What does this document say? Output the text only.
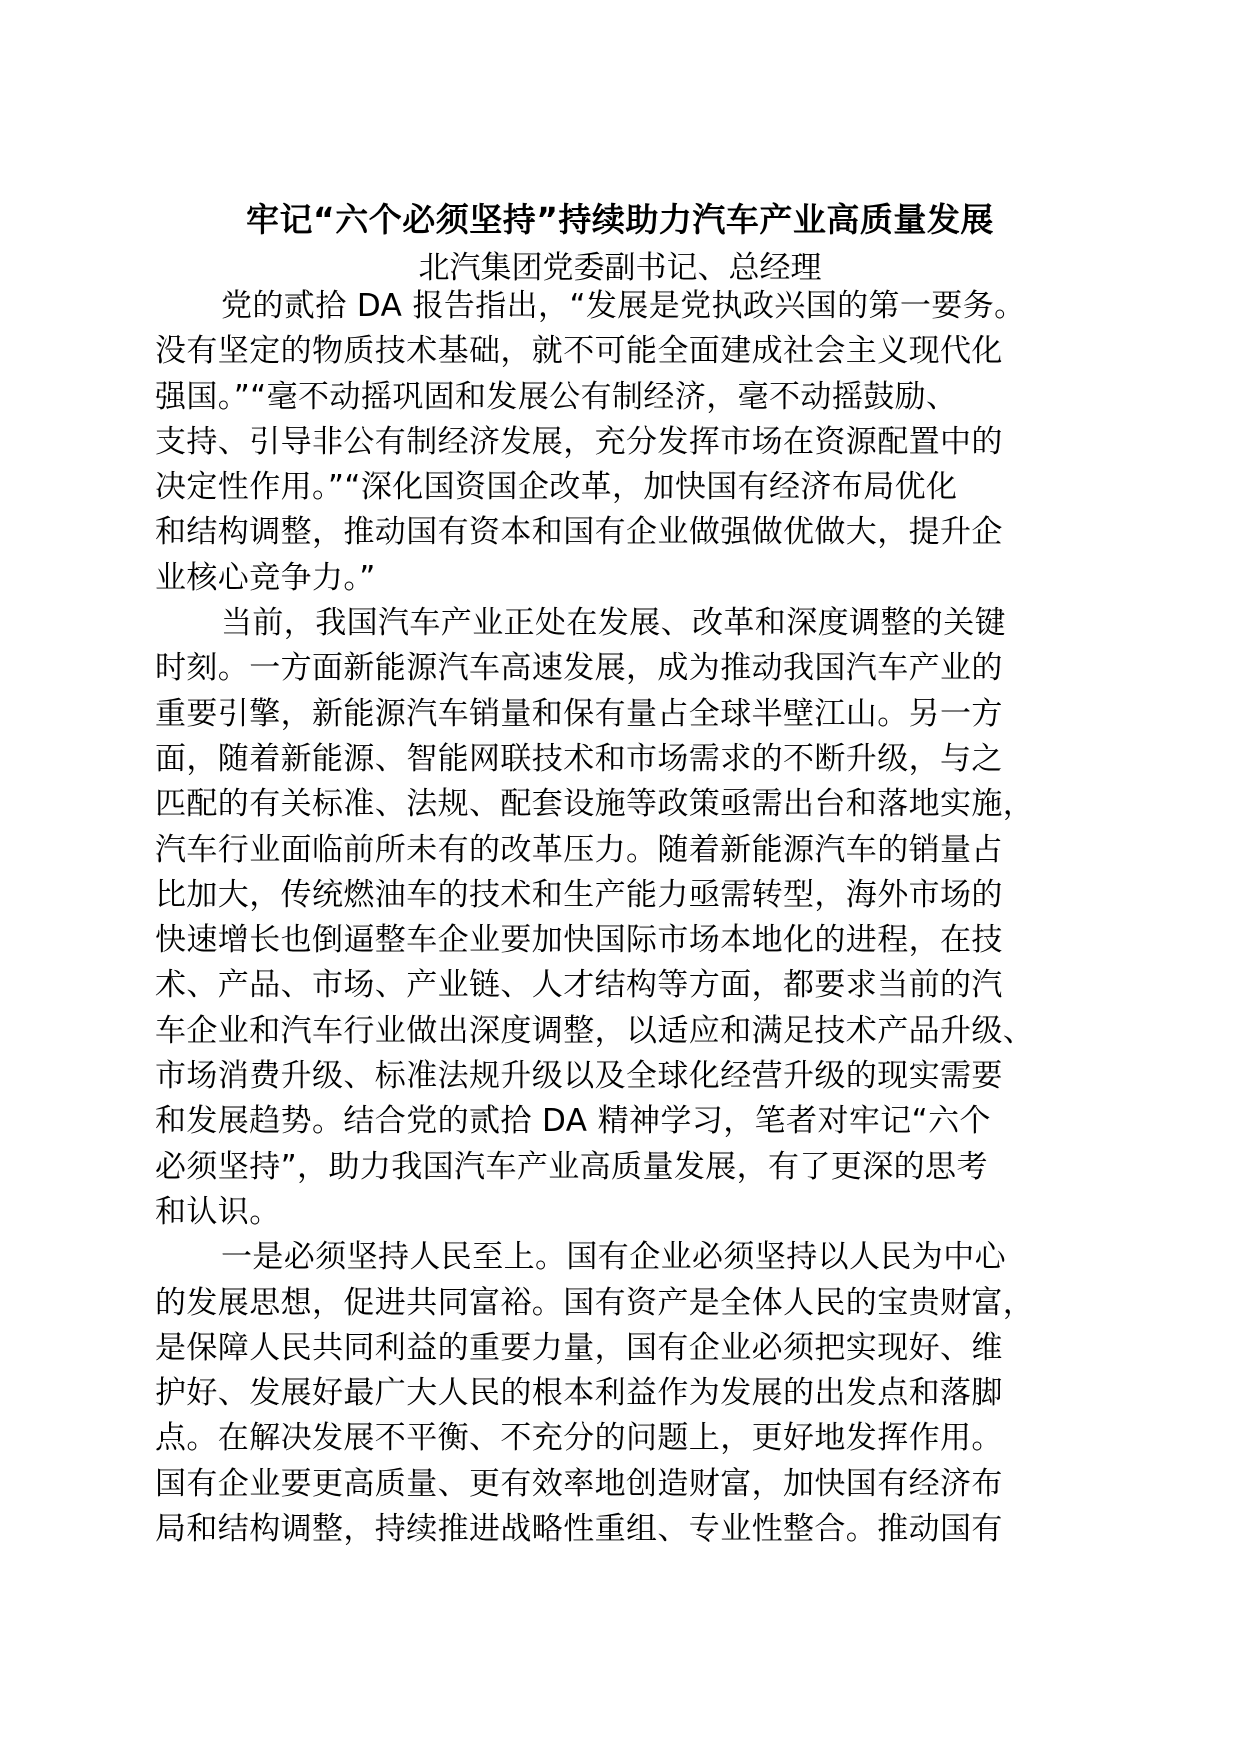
牢记“六个必须坚持”持续助力汽车产业高质量发展
北汽集团党委副书记、总经理
党的贰拾 DA 报告指出，“发展是党执政兴国的第一要务。
没有坚定的物质技术基础，就不可能全面建成社会主义现代化
强国。”“毫不动摇巩固和发展公有制经济，毫不动摇鼓励、
支持、引导非公有制经济发展，充分发挥市场在资源配置中的
决定性作用。”“深化国资国企改革，加快国有经济布局优化
和结构调整，推动国有资本和国有企业做强做优做大，提升企
业核心竞争力。”
当前，我国汽车产业正处在发展、改革和深度调整的关键
时刻。一方面新能源汽车高速发展，成为推动我国汽车产业的
重要引擎，新能源汽车销量和保有量占全球半壁江山。另一方
面，随着新能源、智能网联技术和市场需求的不断升级，与之
匹配的有关标准、法规、配套设施等政策亟需出台和落地实施，
汽车行业面临前所未有的改革压力。随着新能源汽车的销量占
比加大，传统燃油车的技术和生产能力亟需转型，海外市场的
快速增长也倒逼整车企业要加快国际市场本地化的进程，在技
术、产品、市场、产业链、人才结构等方面，都要求当前的汽
车企业和汽车行业做出深度调整，以适应和满足技术产品升级、
市场消费升级、标准法规升级以及全球化经营升级的现实需要
和发展趋势。结合党的贰拾 DA 精神学习，笔者对牢记“六个
必须坚持”，助力我国汽车产业高质量发展，有了更深的思考
和认识。
一是必须坚持人民至上。国有企业必须坚持以人民为中心
的发展思想，促进共同富裕。国有资产是全体人民的宝贵财富，
是保障人民共同利益的重要力量，国有企业必须把实现好、维
护好、发展好最广大人民的根本利益作为发展的出发点和落脚
点。在解决发展不平衡、不充分的问题上，更好地发挥作用。
国有企业要更高质量、更有效率地创造财富，加快国有经济布
局和结构调整，持续推进战略性重组、专业性整合。推动国有
